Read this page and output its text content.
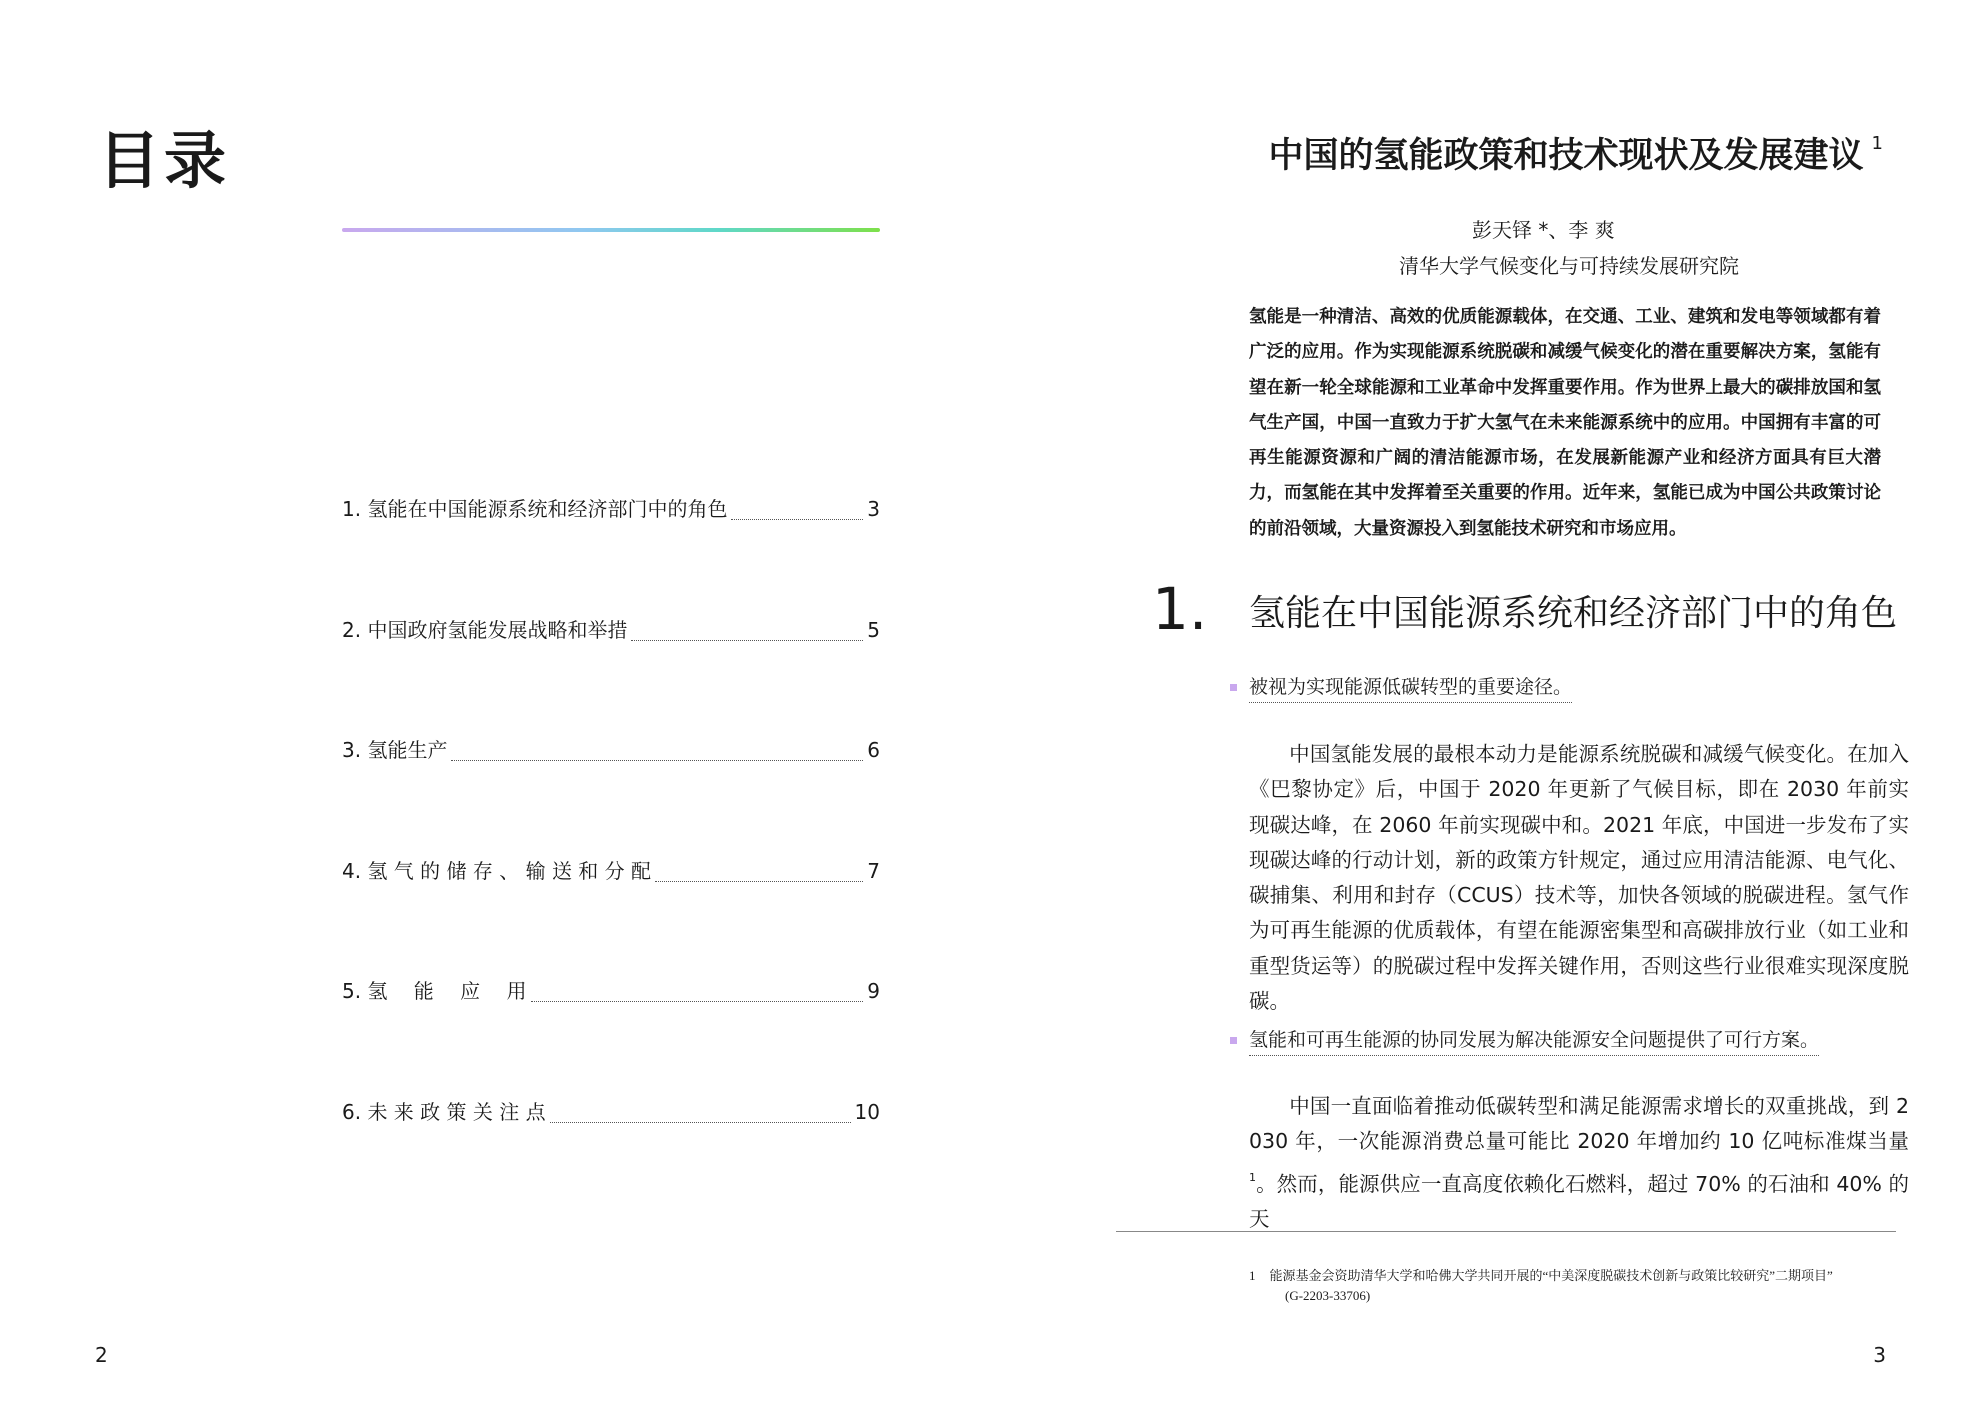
目录
1. 氢能在中国能源系统和经济部门中的角色	3
2. 中国政府氢能发展战略和举措	5
3. 氢能生产	6
4. 氢 气 的 储 存 、 输 送 和 分 配	7
5. 氢　 能　 应　 用	9
6. 未 来 政 策 关 注 点	10
2
中国的氢能政策和技术现状及发展建议 $^1$
彭天铎 *、李 爽
清华大学气候变化与可持续发展研究院
氢能是一种清洁、高效的优质能源载体，在交通、工业、建筑和发电等领域都有着广泛的应用。作为实现能源系统脱碳和减缓气候变化的潜在重要解决方案，氢能有望在新一轮全球能源和工业革命中发挥重要作用。作为世界上最大的碳排放国和氢气生产国，中国一直致力于扩大氢气在未来能源系统中的应用。中国拥有丰富的可再生能源资源和广阔的清洁能源市场，在发展新能源产业和经济方面具有巨大潜力，而氢能在其中发挥着至关重要的作用。近年来，氢能已成为中国公共政策讨论的前沿领域，大量资源投入到氢能技术研究和市场应用。
1. 氢能在中国能源系统和经济部门中的角色
被视为实现能源低碳转型的重要途径。
中国氢能发展的最根本动力是能源系统脱碳和减缓气候变化。在加入《巴黎协定》后，中国于 2020 年更新了气候目标，即在 2030 年前实现碳达峰，在 2060 年前实现碳中和。2021 年底，中国进一步发布了实现碳达峰的行动计划，新的政策方针规定，通过应用清洁能源、电气化、碳捕集、利用和封存（CCUS）技术等，加快各领域的脱碳进程。氢气作为可再生能源的优质载体，有望在能源密集型和高碳排放行业（如工业和重型货运等）的脱碳过程中发挥关键作用，否则这些行业很难实现深度脱碳。
氢能和可再生能源的协同发展为解决能源安全问题提供了可行方案。
中国一直面临着推动低碳转型和满足能源需求增长的双重挑战，到 2030 年，一次能源消费总量可能比 2020 年增加约 10 亿吨标准煤当量$^1$。然而，能源供应一直高度依赖化石燃料，超过 70% 的石油和 40% 的天
1 能源基金会资助清华大学和哈佛大学共同开展的“中美深度脱碳技术创新与政策比较研究”二期项目”
(G-2203-33706)
3
